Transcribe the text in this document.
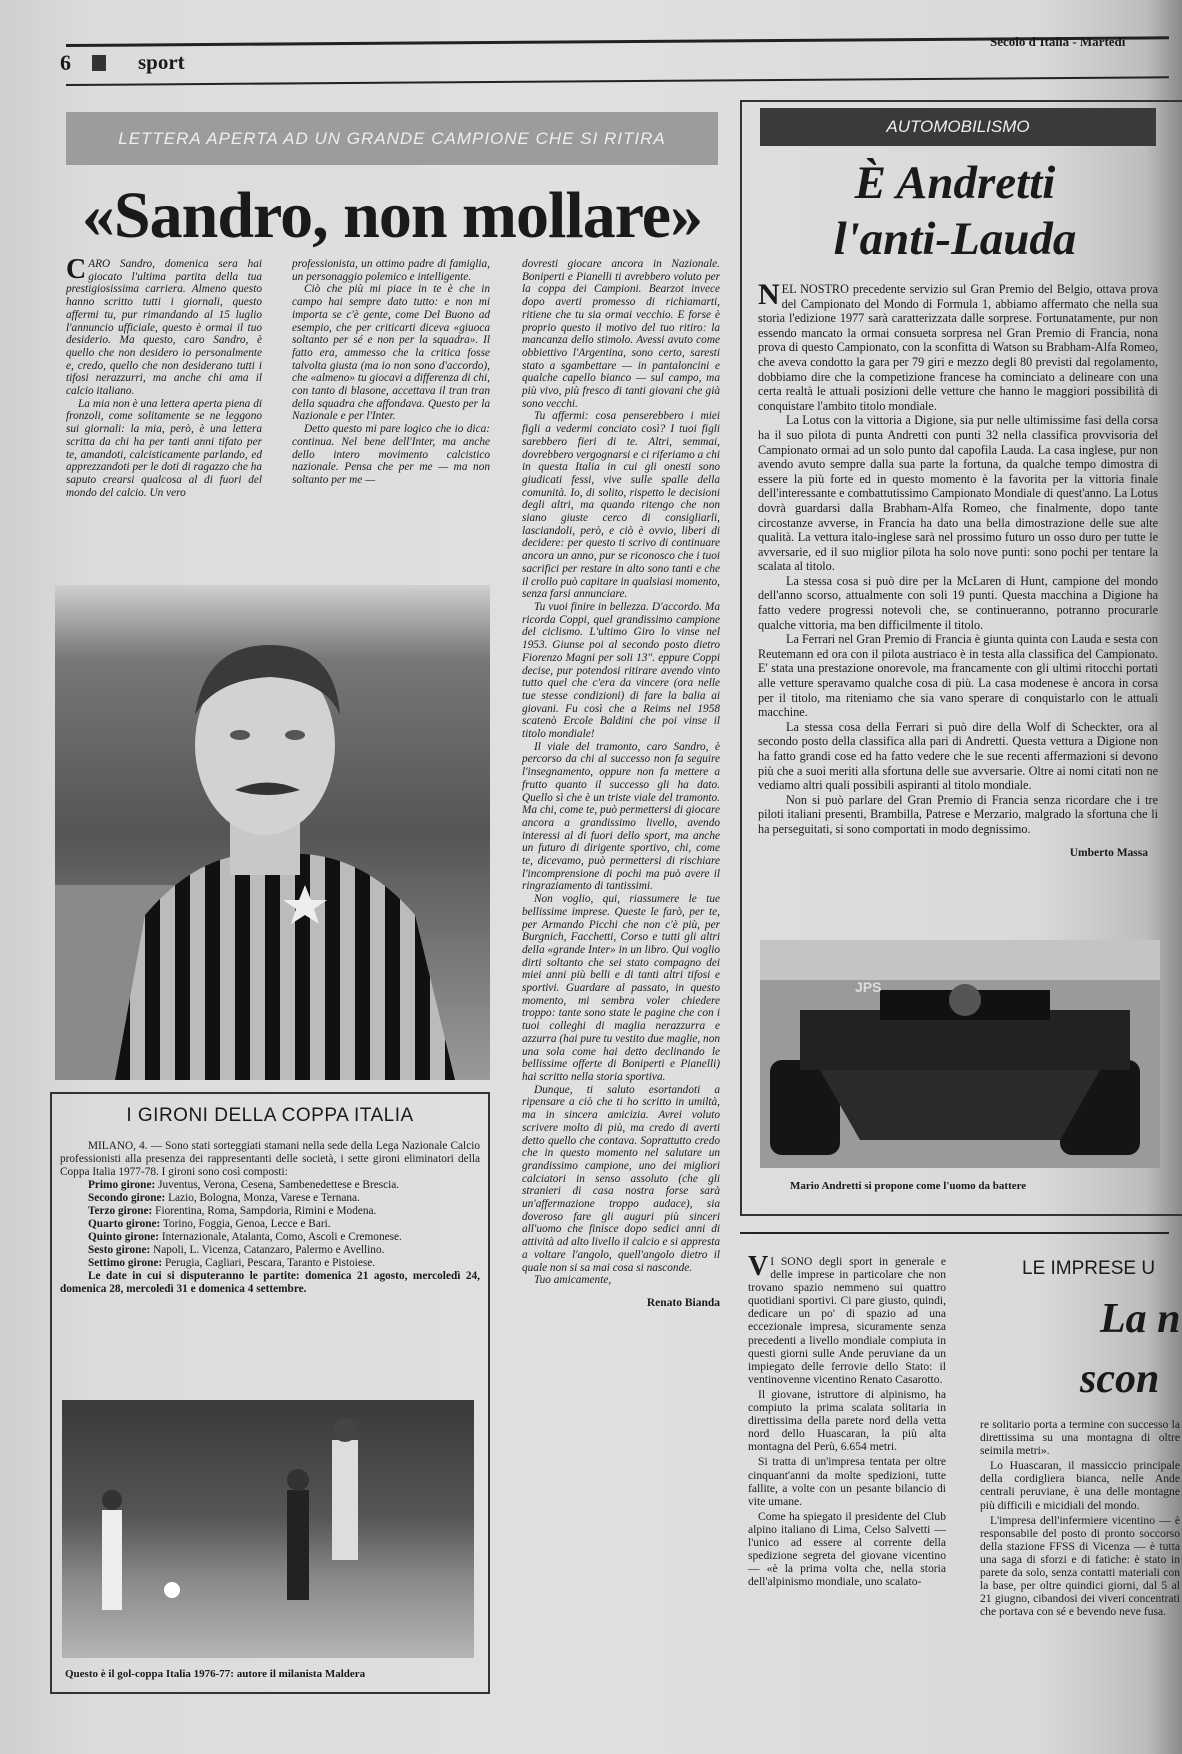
6	sport
Secolo d'Italia - Martedì
LETTERA APERTA AD UN GRANDE CAMPIONE CHE SI RITIRA
«Sandro, non mollare»

CARO Sandro, domenica sera hai giocato l'ultima partita della tua prestigiosissima carriera. Almeno questo hanno scritto tutti i giornali, questo affermi tu, pur rimandando al 15 luglio l'annuncio ufficiale, questo è ormai il tuo desiderio. Ma questo, caro Sandro, è quello che non desidero io personalmente e, credo, quello che non desiderano tutti i tifosi nerazzurri, ma anche chi ama il calcio italiano.

La mia non è una lettera aperta piena di fronzoli, come solitamente se ne leggono sui giornali: la mia, però, è una lettera scritta da chi ha per tanti anni tifato per te, amandoti, calcisticamente parlando, ed apprezzandoti per le doti di ragazzo che ha saputo crearsi qualcosa al di fuori del mondo del calcio. Un vero

professionista, un ottimo padre di famiglia, un personaggio polemico e intelligente.

Ciò che più mi piace in te è che in campo hai sempre dato tutto: e non mi importa se c'è gente, come Del Buono ad esempio, che per criticarti diceva «giuoca soltanto per sé e non per la squadra». Il fatto era, ammesso che la critica fosse talvolta giusta (ma io non sono d'accordo), che «almeno» tu giocavi a differenza di chi, con tanto di blasone, accettava il tran tran della squadra che affondava. Questo per la Nazionale e per l'Inter.

Detto questo mi pare logico che io dica: continua. Nel bene dell'Inter, ma anche dello intero movimento calcistico nazionale. Pensa che per me — ma non soltanto per me —

dovresti giocare ancora in Nazionale. Boniperti e Pianelli ti avrebbero voluto per la coppa dei Campioni. Bearzot invece dopo averti promesso di richiamarti, ritiene che tu sia ormai vecchio. E forse è proprio questo il motivo del tuo ritiro: la mancanza dello stimolo. Avessi avuto come obbiettivo l'Argentina, sono certo, saresti stato a sgambettare — in pantaloncini e qualche capello bianco — sul campo, ma più vivo, più fresco di tanti giovani che già sono vecchi.

Tu affermi: cosa penserebbero i miei figli a vedermi conciato così? I tuoi figli sarebbero fieri di te. Altri, semmai, dovrebbero vergognarsi e ci riferiamo a chi in questa Italia in cui gli onesti sono giudicati fessi, vive sulle spalle della comunità. Io, di solito, rispetto le decisioni degli altri, ma quando ritengo che non siano giuste cerco di consigliarli, lasciandoli, però, e ciò è ovvio, liberi di decidere: per questo ti scrivo di continuare ancora un anno, pur se riconosco che i tuoi sacrifici per restare in alto sono tanti e che il crollo può capitare in qualsiasi momento, senza farsi annunciare.

Tu vuoi finire in bellezza. D'accordo. Ma ricorda Coppi, quel grandissimo campione del ciclismo. L'ultimo Giro lo vinse nel 1953. Giunse poi al secondo posto dietro Fiorenzo Magni per soli 13''. eppure Coppi decise, pur potendosi ritirare avendo vinto tutto quel che c'era da vincere (ora nelle tue stesse condizioni) di fare la balia ai giovani. Fu così che a Reims nel 1958 scatenò Ercole Baldini che poi vinse il titolo mondiale!

Il viale del tramonto, caro Sandro, è percorso da chi al successo non fa seguire l'insegnamento, oppure non fa mettere a frutto quanto il successo gli ha dato. Quello sì che è un triste viale del tramonto. Ma chi, come te, può permettersi di giocare ancora a grandissimo livello, avendo interessi al di fuori dello sport, ma anche un futuro di dirigente sportivo, chi, come te, dicevamo, può permettersi di rischiare l'incomprensione di pochi ma può avere il ringraziamento di tantissimi.

Non voglio, qui, riassumere le tue bellissime imprese. Queste le farò, per te, per Armando Picchi che non c'è più, per Burgnich, Facchetti, Corso e tutti gli altri della «grande Inter» in un libro. Qui voglio dirti soltanto che sei stato compagno dei miei anni più belli e di tanti altri tifosi e sportivi. Guardare al passato, in questo momento, mi sembra voler chiedere troppo: tante sono state le pagine che con i tuoi colleghi di maglia nerazzurra e azzurra (hai pure tu vestito due maglie, non una sola come hai detto declinando le bellissime offerte di Boniperti e Pianelli) hai scritto nella storia sportiva.

Dunque, ti saluto esortandoti a ripensare a ciò che ti ho scritto in umiltà, ma in sincera amicizia. Avrei voluto scrivere molto di più, ma credo di averti detto quello che contava. Soprattutto credo che in questo momento nel salutare un grandissimo campione, uno dei migliori calciatori in senso assoluto (che gli stranieri di casa nostra forse sarà un'affermazione troppo audace), sia doveroso fare gli auguri più sinceri all'uomo che finisce dopo sedici anni di attività ad alto livello il calcio e si appresta a voltare l'angolo, quell'angolo dietro il quale non si sa mai cosa si nasconde.

Tuo amicamente,

Renato Bianda
I GIRONI DELLA COPPA ITALIA

MILANO, 4. — Sono stati sorteggiati stamani nella sede della Lega Nazionale Calcio professionisti alla presenza dei rappresentanti delle società, i sette gironi eliminatori della Coppa Italia 1977-78. I gironi sono così composti:

Primo girone: Juventus, Verona, Cesena, Sambenedettese e Brescia.

Secondo girone: Lazio, Bologna, Monza, Varese e Ternana.

Terzo girone: Fiorentina, Roma, Sampdoria, Rimini e Modena.

Quarto girone: Torino, Foggia, Genoa, Lecce e Bari.

Quinto girone: Internazionale, Atalanta, Como, Ascoli e Cremonese.

Sesto girone: Napoli, L. Vicenza, Catanzaro, Palermo e Avellino.

Settimo girone: Perugia, Cagliari, Pescara, Taranto e Pistoiese.

Le date in cui si disputeranno le partite: domenica 21 agosto, mercoledì 24, domenica 28, mercoledì 31 e domenica 4 settembre.

Questo è il gol-coppa Italia 1976-77: autore il milanista Maldera
AUTOMOBILISMO
È Andretti
l'anti-Lauda

NEL NOSTRO precedente servizio sul Gran Premio del Belgio, ottava prova del Campionato del Mondo di Formula 1, abbiamo affermato che nella sua storia l'edizione 1977 sarà caratterizzata dalle sorprese. Fortunatamente, pur non essendo mancato la ormai consueta sorpresa nel Gran Premio di Francia, nona prova di questo Campionato, con la sconfitta di Watson su Brabham-Alfa Romeo, che aveva condotto la gara per 79 giri e mezzo degli 80 previsti dal regolamento, dobbiamo dire che la competizione francese ha cominciato a delineare con una certa realtà le attuali posizioni delle vetture che hanno le maggiori possibilità di conquistare l'ambito titolo mondiale.

La Lotus con la vittoria a Digione, sia pur nelle ultimissime fasi della corsa ha il suo pilota di punta Andretti con punti 32 nella classifica provvisoria del Campionato ormai ad un solo punto dal capofila Lauda. La casa inglese, pur non avendo avuto sempre dalla sua parte la fortuna, da qualche tempo dimostra di essere la più forte ed in questo momento è la favorita per la vittoria finale dell'interessante e combattutissimo Campionato Mondiale di quest'anno. La Lotus dovrà guardarsi dalla Brabham-Alfa Romeo, che finalmente, dopo tante circostanze avverse, in Francia ha dato una bella dimostrazione delle sue alte qualità. La vettura italo-inglese sarà nel prossimo futuro un osso duro per tutte le avversarie, ed il suo miglior pilota ha solo nove punti: sono pochi per tentare la scalata al titolo.

La stessa cosa si può dire per la McLaren di Hunt, campione del mondo dell'anno scorso, attualmente con soli 19 punti. Questa macchina a Digione ha fatto vedere progressi notevoli che, se continueranno, potranno procurarle qualche vittoria, ma ben difficilmente il titolo.

La Ferrari nel Gran Premio di Francia è giunta quinta con Lauda e sesta con Reutemann ed ora con il pilota austriaco è in testa alla classifica del Campionato. E' stata una prestazione onorevole, ma francamente con gli ultimi ritocchi portati alle vetture speravamo qualche cosa di più. La casa modenese è ancora in corsa per il titolo, ma riteniamo che sia vano sperare di conquistarlo con le attuali macchine.

La stessa cosa della Ferrari si può dire della Wolf di Scheckter, ora al secondo posto della classifica alla pari di Andretti. Questa vettura a Digione non ha fatto grandi cose ed ha fatto vedere che le sue recenti affermazioni si devono più che a suoi meriti alla sfortuna delle sue avversarie. Oltre ai nomi citati non ne vediamo altri quali possibili aspiranti al titolo mondiale.

Non si può parlare del Gran Premio di Francia senza ricordare che i tre piloti italiani presenti, Brambilla, Patrese e Merzario, malgrado la sfortuna che li ha perseguitati, si sono comportati in modo degnissimo.

Umberto Massa
JPS
Mario Andretti si propone come l'uomo da battere

V I SONO degli sport in generale e delle imprese in particolare che non trovano spazio nemmeno sui quattro quotidiani sportivi. Ci pare giusto, quindi, dedicare un po' di spazio ad una eccezionale impresa, sicuramente senza precedenti a livello mondiale compiuta in questi giorni sulle Ande peruviane da un impiegato delle ferrovie dello Stato: il ventinovenne vicentino Renato Casarotto.

Il giovane, istruttore di alpinismo, ha compiuto la prima scalata solitaria in direttissima della parete nord della vetta nord dello Huascaran, la più alta montagna del Perù, 6.654 metri.

Si tratta di un'impresa tentata per oltre cinquant'anni da molte spedizioni, tutte fallite, a volte con un pesante bilancio di vite umane.

Come ha spiegato il presidente del Club alpino italiano di Lima, Celso Salvetti — l'unico ad essere al corrente della spedizione segreta del giovane vicentino — «è la prima volta che, nella storia dell'alpinismo mondiale, uno scalato-

LE IMPRESE U
La n
scon

re solitario porta a termine con successo la direttissima su una montagna di oltre seimila metri».

Lo Huascaran, il massiccio principale della cordigliera bianca, nelle Ande centrali peruviane, è una delle montagne più difficili e micidiali del mondo.

L'impresa dell'infermiere vicentino — è responsabile del posto di pronto soccorso della stazione FFSS di Vicenza — è tutta una saga di sforzi e di fatiche: è stato in parete da solo, senza contatti materiali con la base, per oltre quindici giorni, dal 5 al 21 giugno, cibandosi dei viveri concentrati che portava con sé e bevendo neve fusa.
